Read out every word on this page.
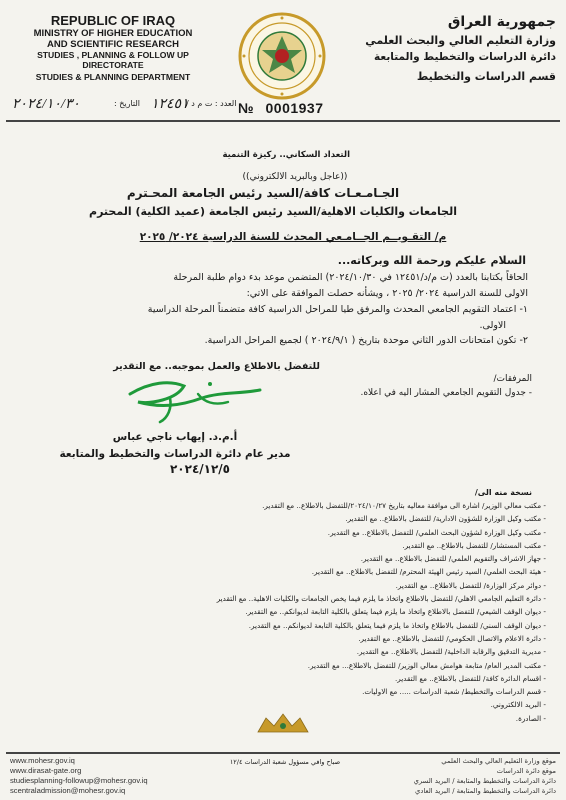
REPUBLIC OF IRAQ
MINISTRY OF HIGHER EDUCATION
AND SCIENTIFIC RESEARCH
STUDIES , PLANNING & FOLLOW UP DIRECTORATE
STUDIES & PLANNING DEPARTMENT
جمهورية العراق
وزارة التعليم العالي والبحث العلمي
دائرة الدراسات والتخطيط والمتابعة
قسم الدراسات والتخطيط
٢٠٢٤/١٠/٣٠	التاريخ : ١٢٤٥١
العدد : ت م د / № 0001937
التعداد السكاني.. ركيزة التنمية
((عاجل وبالبريد الالكتروني))
الجـامـعـات كافة/السيد رئيس الجامعة المحـترم
الجامعات والكليات الاهلية/السيد رئيس الجامعة (عميد الكلية) المحترم
م/ التقـويــم الجــامـعي المحدث للسنة الدراسية ٢٠٢٤/ ٢٠٢٥
السلام عليكم ورحمة الله وبركاته...
الحاقاً بكتابنا بالعدد (ت م/د/١٢٤٥١ في ٢٠٢٤/١٠/٣٠) المتضمن موعد بدء دوام طلبة المرحلة
الاولى للسنة الدراسية ٢٠٢٤/ ٢٠٢٥ ، ويشأنه حصلت الموافقة على الاتي:
١- اعتماد التقويم الجامعي المحدث والمرفق طيا للمراحل الدراسية كافة متضمناً المرحلة الدراسية
الاولى.
٢- تكون امتحانات الدور الثاني موحدة بتاريخ ( ٢٠٢٤/٩/١ ) لجميع المراحل الدراسية.
للتفضل بالاطلاع والعمل بموجبه.. مع التقدير
المرفقات/
- جدول التقويم الجامعي المشار اليه في اعلاه.
أ.م.د. إيهاب ناجي عباس
مدير عام دائرة الدراسات والتخطيط والمتابعة
٢٠٢٤/١٢/٥
نسخة منه الى/
- مكتب معالي الوزير/ اشارة الى موافقة معاليه بتاريخ ٢٠٢٤/١٠/٢٧/للتفضل بالاطلاع.. مع التقدير.
- مكتب وكيل الوزارة للشؤون الادارية/ للتفضل بالاطلاع.. مع التقدير.
- مكتب وكيل الوزارة لشؤون البحث العلمي/ للتفضل بالاطلاع.. مع التقدير.
- مكتب المستشار/ للتفضل بالاطلاع.. مع التقدير.
- جهاز الاشراف والتقويم العلمي/ للتفضل بالاطلاع.. مع التقدير.
- هيئة البحث العلمي/ السيد رئيس الهيئة المحترم/ للتفضل بالاطلاع.. مع التقدير.
- دوائر مركز الوزارة/ للتفضل بالاطلاع.. مع التقدير.
- دائرة التعليم الجامعي الاهلي/ للتفضل بالاطلاع واتخاذ ما يلزم فيما يخص الجامعات والكليات الاهلية.. مع التقدير
- ديوان الوقف الشيعي/ للتفضل بالاطلاع واتخاذ ما يلزم فيما يتعلق بالكلية التابعة لديوانكم.. مع التقدير.
- ديوان الوقف السني/ للتفضل بالاطلاع واتخاذ ما يلزم فيما يتعلق بالكلية التابعة لديوانكم.. مع التقدير.
- دائرة الاعلام والاتصال الحكومي/ للتفضل بالاطلاع.. مع التقدير.
- مديرية التدقيق والرقابة الداخلية/ للتفضل بالاطلاع.. مع التقدير.
- مكتب المدير العام/ متابعة هوامش معالي الوزير/ للتفضل بالاطلاع... مع التقدير.
- اقسام الدائرة كافة/ للتفضل بالاطلاع.. مع التقدير.
- قسم الدراسات والتخطيط/ شعبة الدراسات ..... مع الاوليات.
- البريد الالكتروني.
- الصادرة.
صباح وافي مسؤول شعبة الدراسات ١٢/٤
www.mohesr.gov.iq
www.dirasat-gate.org
studiesplanning-followup@mohesr.gov.iq
scentraladmission@mohesr.gov.iq
موقع وزارة التعليم العالي والبحث العلمي
موقع دائرة الدراسات
دائرة الدراسات والتخطيط والمتابعة / البريد السري
دائرة الدراسات والتخطيط والمتابعة / البريد العادي
